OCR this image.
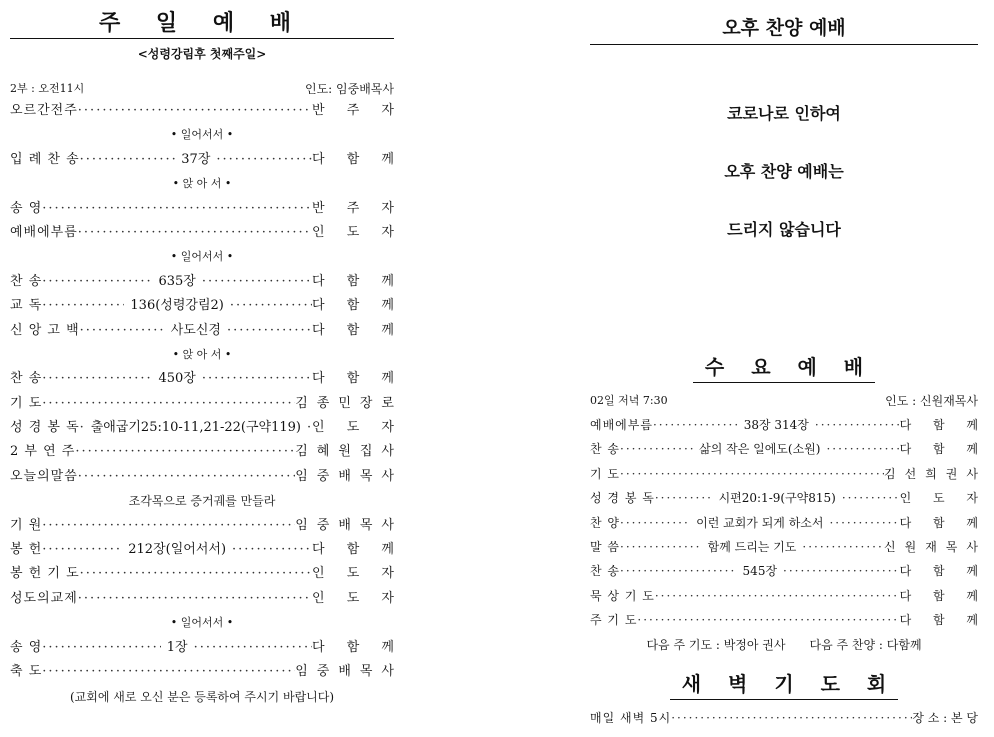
주 일 예 배
<성령강림후 첫째주일>
2부 : 오전11시	인도: 임중배목사
오르간전주 ·····	반 주 자
• 일어서서 •
입 례 찬 송 ·····	37장 ·····	다 함 께
• 앉 아 서 •
송 영 ·····	반 주 자
예배에부름 ·····	인 도 자
• 일어서서 •
찬 송 ·····	635장 ·····	다 함 께
교 독 ·····	136(성령강림2) ·····	다 함 께
신 앙 고 백 ·····	사도신경 ·····	다 함 께
• 앉 아 서 •
찬 송 ·····	450장 ·····	다 함 께
기 도 ·····	김종민장로
성 경 봉 독 ····· 출애굽기25:10-11,21-22(구약119) ····· 인 도 자
2 부 연 주 ·····	김혜원집사
오늘의말씀 ·····	임중배목사
조각목으로 증거궤를 만들라
기 원 ·····	임중배목사
봉 헌 ·····	212장(일어서서) ·····	다 함 께
봉 헌 기 도 ·····	인 도 자
성도의교제 ·····	인 도 자
• 일어서서 •
송 영 ·····	1장 ·····	다 함 께
축 도 ·····	임중배목사
(교회에 새로 오신 분은 등록하여 주시기 바랍니다)
오후 찬양 예배
코로나로 인하여
오후 찬양 예배는
드리지 않습니다
수 요 예 배
02일 저녁 7:30	인도 : 신원재목사
예배에부름 ·····	38장 314장 ·····	다 함 께
찬 송 ·····	삶의 작은 일에도(소원) ·····	다 함 께
기 도 ·····	김선희권사
성 경 봉 독 ·····	시편20:1-9(구약815) ·····	인 도 자
찬 양 ·····	이런 교회가 되게 하소서 ·····	다 함 께
말 씀 ·····	함께 드리는 기도 ·····	신원재목사
찬 송 ·····	545장 ·····	다 함 께
묵 상 기 도 ·····	다 함 께
주 기 도 ·····	다 함 께
다음 주 기도 : 박정아 권사 다음 주 찬양 : 다함께
새 벽 기 도 회
매일 새벽 5시 ·····	장 소 : 본 당
